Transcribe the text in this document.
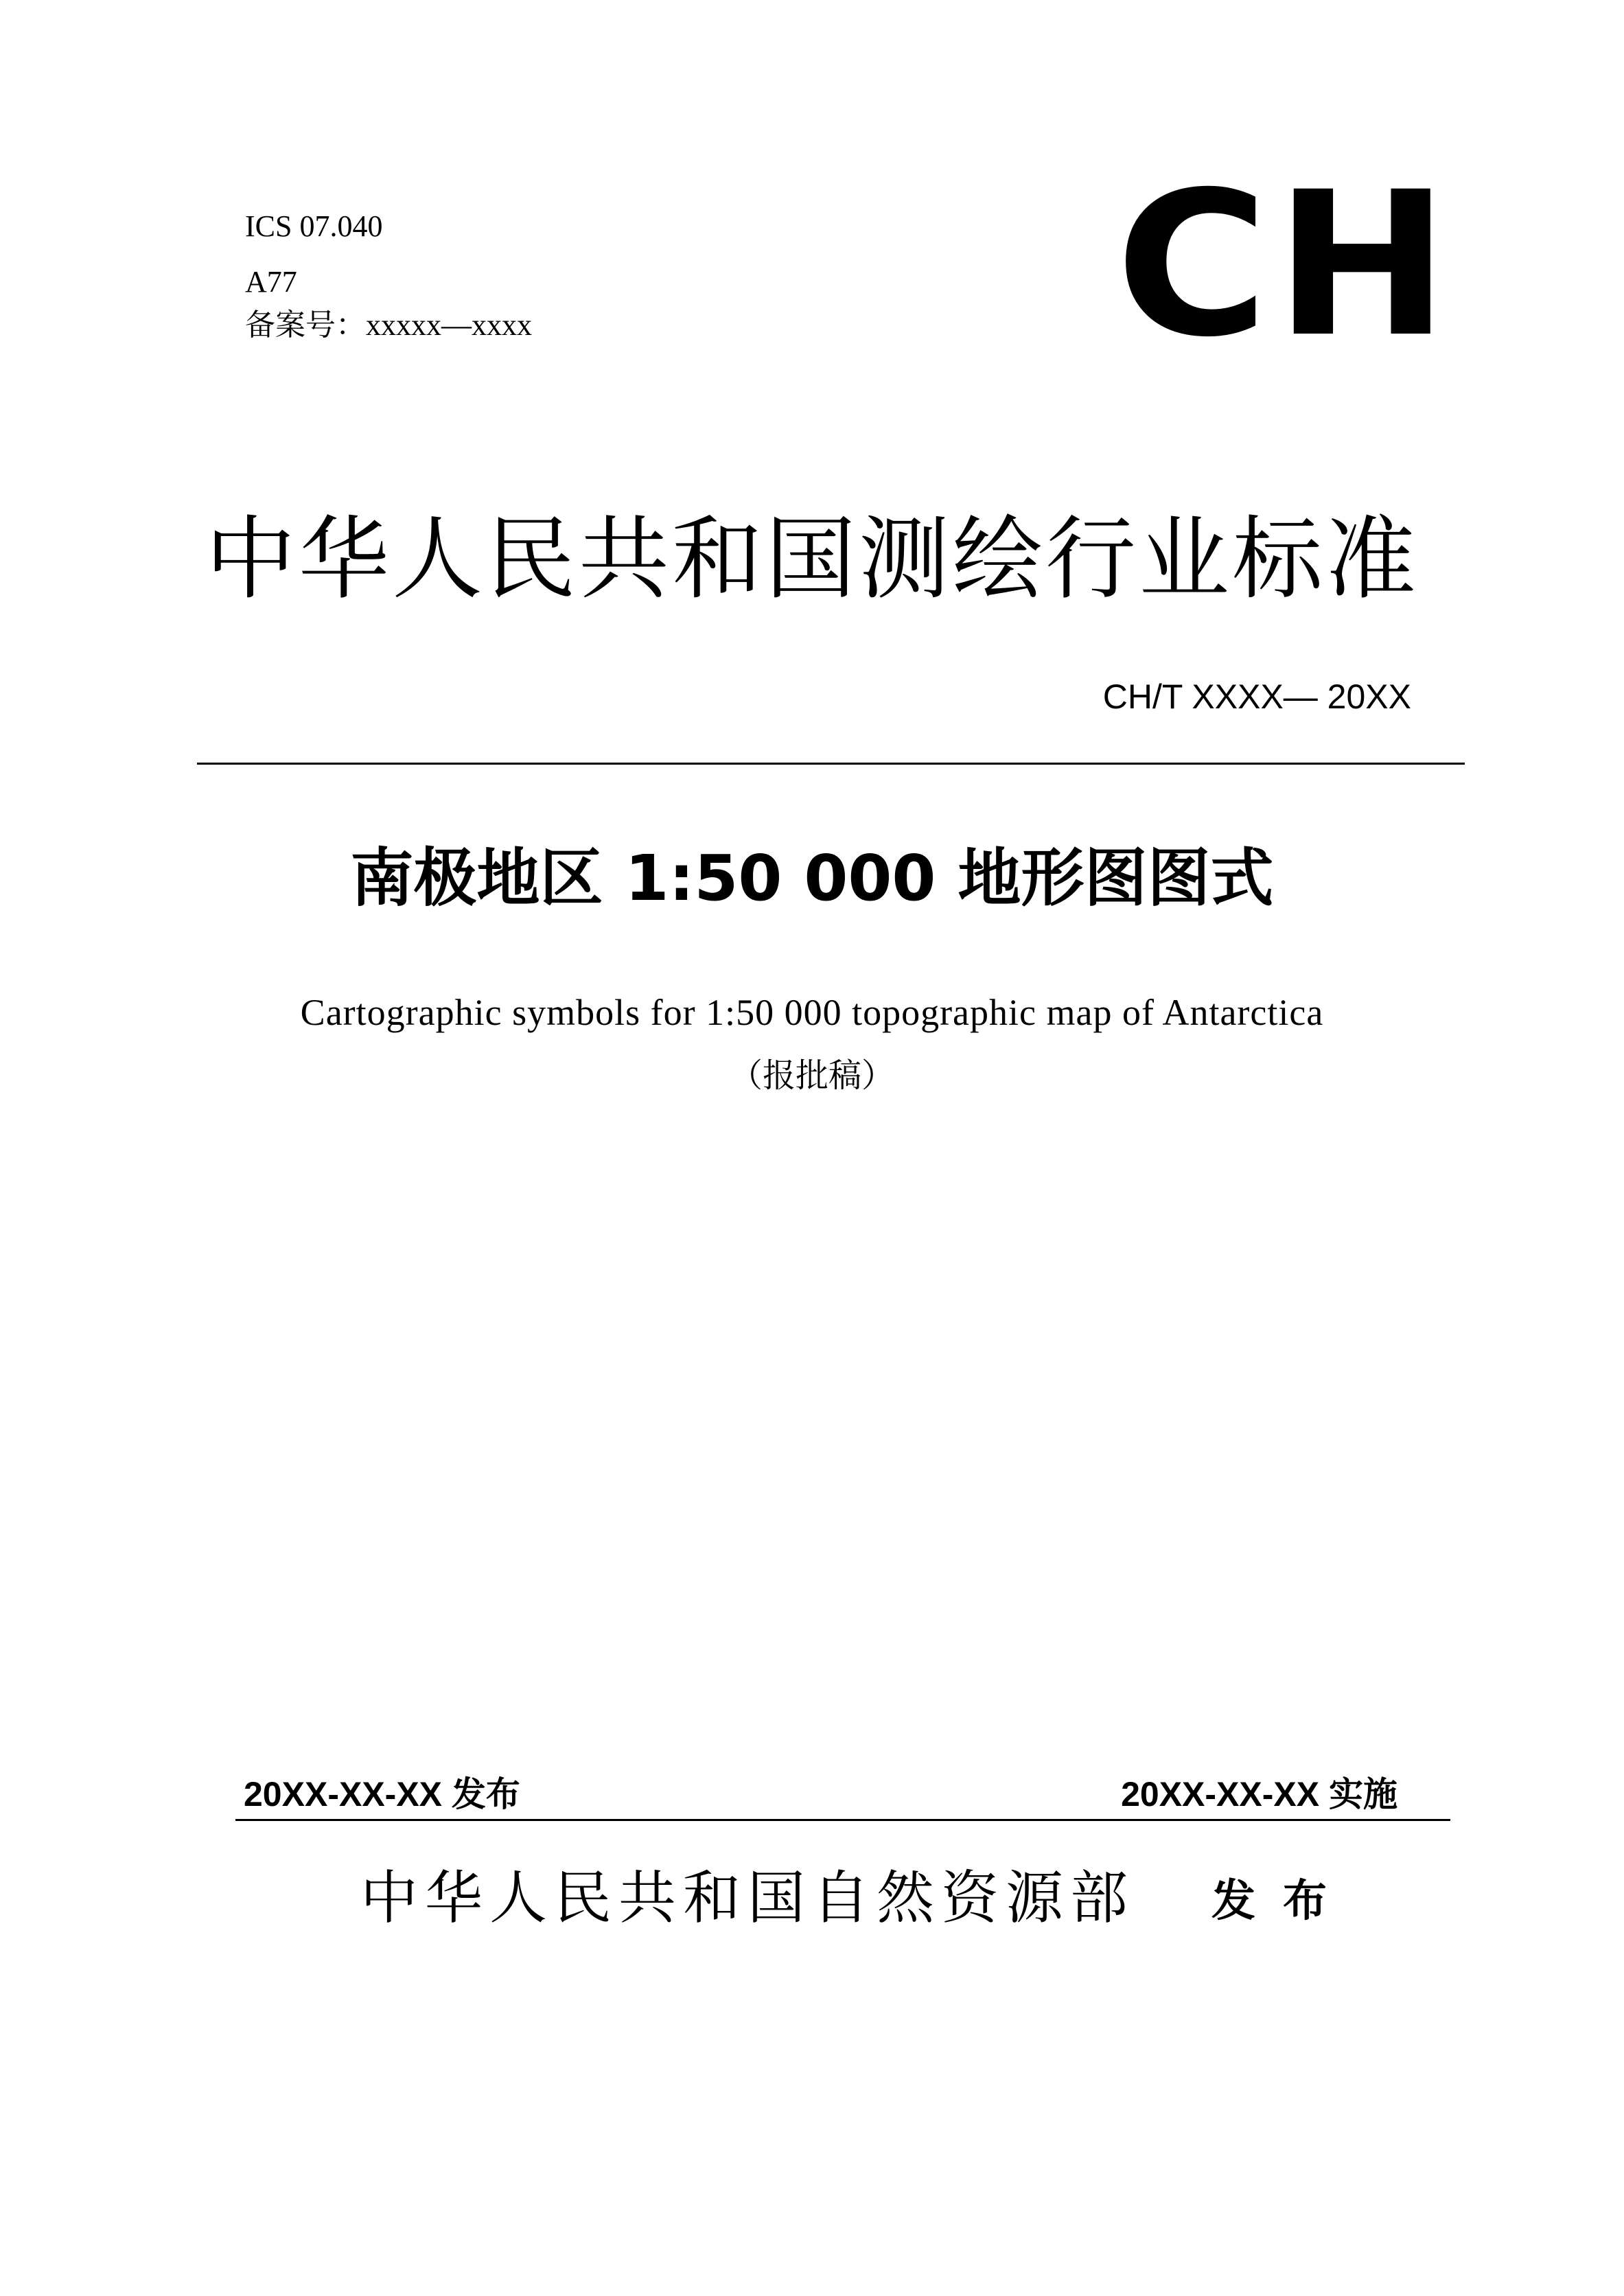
ICS 07.040
A77
备案号：xxxxx—xxxx	CH
中华人民共和国测绘行业标准
CH/T XXXX— 20XX
南极地区 1:50 000 地形图图式
Cartographic symbols for 1:50 000 topographic map of Antarctica
（报批稿）
20XX-XX-XX 发布	20XX-XX-XX 实施
中华人民共和国自然资源部 发布
